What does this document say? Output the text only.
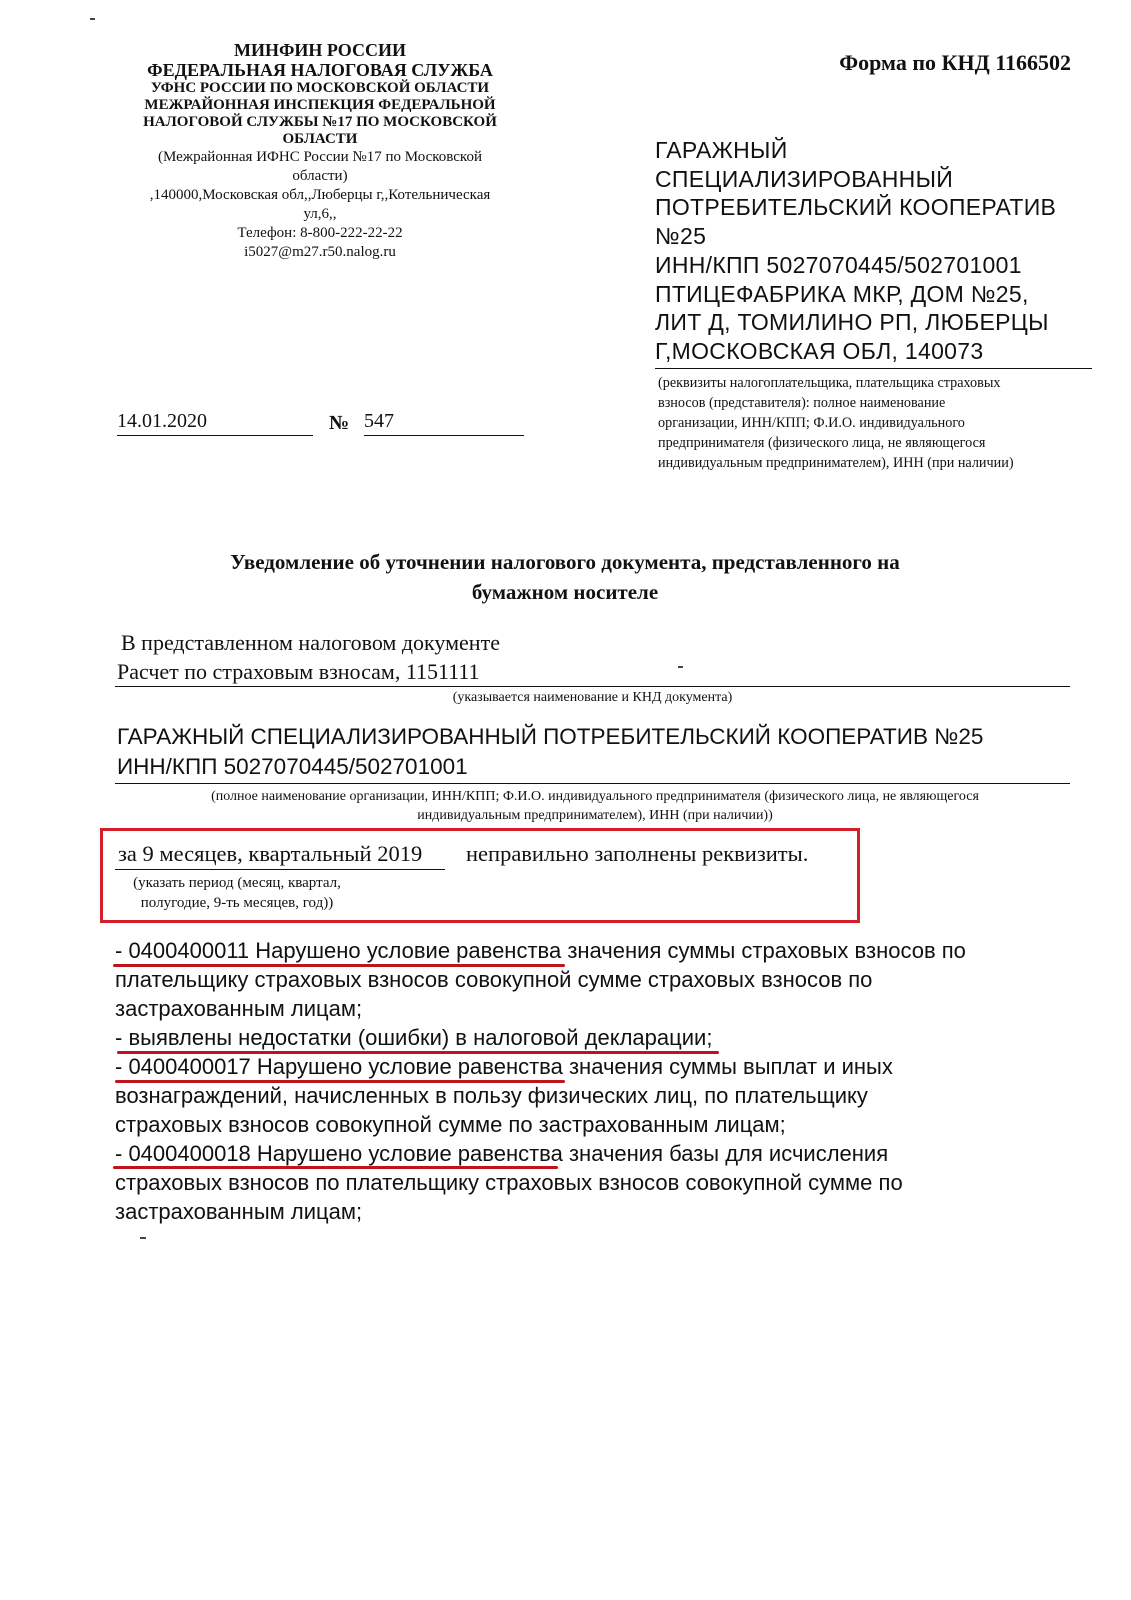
МИНФИН РОССИИ
ФЕДЕРАЛЬНАЯ НАЛОГОВАЯ СЛУЖБА
УФНС РОССИИ ПО МОСКОВСКОЙ ОБЛАСТИ
МЕЖРАЙОННАЯ ИНСПЕКЦИЯ ФЕДЕРАЛЬНОЙ
НАЛОГОВОЙ СЛУЖБЫ №17 ПО МОСКОВСКОЙ
ОБЛАСТИ
(Межрайонная ИФНС России №17 по Московской
области)
,140000,Московская обл,,Люберцы г,,Котельническая
ул,6,,
Телефон: 8-800-222-22-22
i5027@m27.r50.nalog.ru
Форма по КНД 1166502
ГАРАЖНЫЙ
СПЕЦИАЛИЗИРОВАННЫЙ
ПОТРЕБИТЕЛЬСКИЙ КООПЕРАТИВ
№25
ИНН/КПП 5027070445/502701001
ПТИЦЕФАБРИКА МКР, ДОМ №25,
ЛИТ Д, ТОМИЛИНО РП, ЛЮБЕРЦЫ
Г,МОСКОВСКАЯ ОБЛ, 140073
(реквизиты налогоплательщика, плательщика страховых
взносов (представителя): полное наименование
организации, ИНН/КПП; Ф.И.О. индивидуального
предпринимателя (физического лица, не являющегося
индивидуальным предпринимателем), ИНН (при наличии)
14.01.2020	№ 547
Уведомление об уточнении налогового документа, представленного на
бумажном носителе
В представленном налоговом документе
Расчет по страховым взносам, 1151111
(указывается наименование и КНД документа)
ГАРАЖНЫЙ СПЕЦИАЛИЗИРОВАННЫЙ ПОТРЕБИТЕЛЬСКИЙ КООПЕРАТИВ №25
ИНН/КПП 5027070445/502701001
(полное наименование организации, ИНН/КПП; Ф.И.О. индивидуального предпринимателя (физического лица, не являющегося
индивидуальным предпринимателем), ИНН (при наличии))
за 9 месяцев, квартальный 2019 неправильно заполнены реквизиты.
(указать период (месяц, квартал,
полугодие, 9-ть месяцев, год))
- 0400400011 Нарушено условие равенства значения суммы страховых взносов по
плательщику страховых взносов совокупной сумме страховых взносов по
застрахованным лицам;
- выявлены недостатки (ошибки) в налоговой декларации;
- 0400400017 Нарушено условие равенства значения суммы выплат и иных
вознаграждений, начисленных в пользу физических лиц, по плательщику
страховых взносов совокупной сумме по застрахованным лицам;
- 0400400018 Нарушено условие равенства значения базы для исчисления
страховых взносов по плательщику страховых взносов совокупной сумме по
застрахованным лицам;
